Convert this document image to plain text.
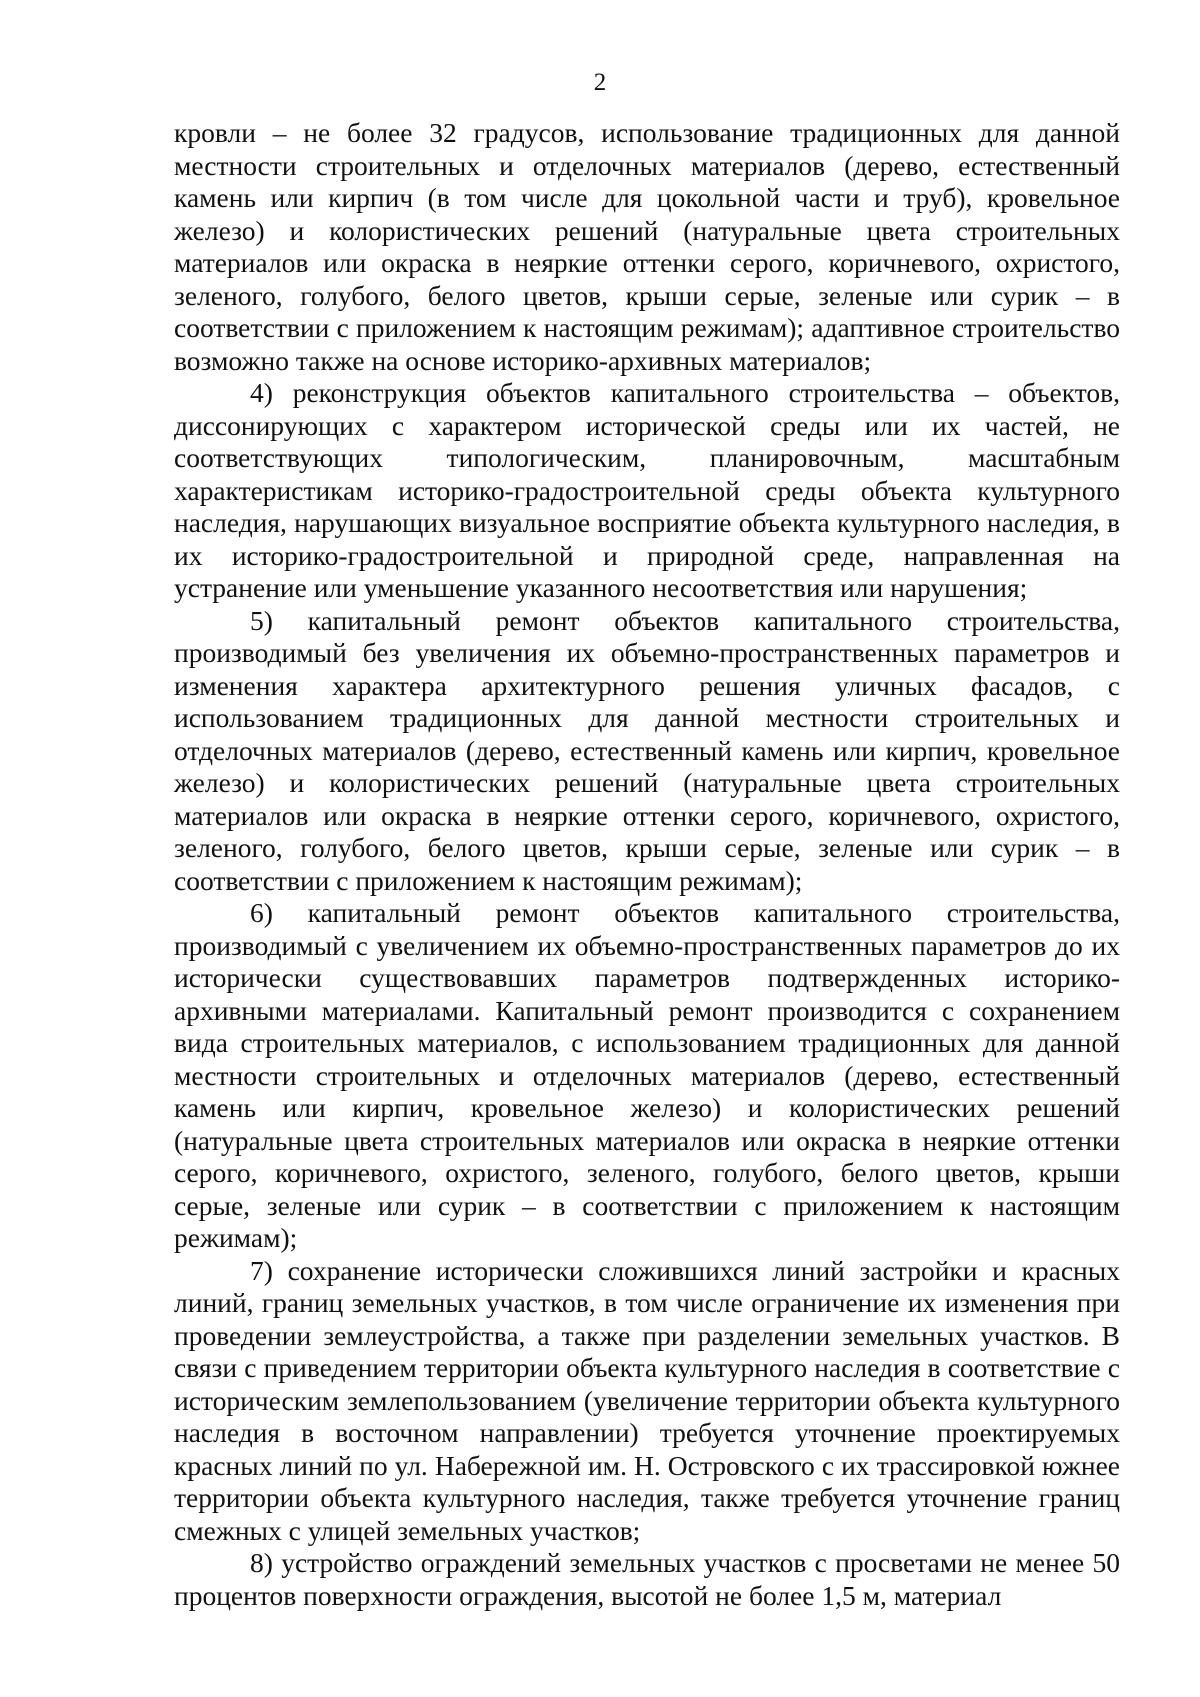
2

кровли – не более 32 градусов, использование традиционных для данной местности строительных и отделочных материалов (дерево, естественный камень или кирпич (в том числе для цокольной части и труб), кровельное железо) и колористических решений (натуральные цвета строительных материалов или окраска в неяркие оттенки серого, коричневого, охристого, зеленого, голубого, белого цветов, крыши серые, зеленые или сурик – в соответствии с приложением к настоящим режимам); адаптивное строительство возможно также на основе историко-архивных материалов;

4) реконструкция объектов капитального строительства – объектов, диссонирующих с характером исторической среды или их частей, не соответствующих типологическим, планировочным, масштабным характеристикам историко-градостроительной среды объекта культурного наследия, нарушающих визуальное восприятие объекта культурного наследия, в их историко-градостроительной и природной среде, направленная на устранение или уменьшение указанного несоответствия или нарушения;

5) капитальный ремонт объектов капитального строительства, производимый без увеличения их объемно-пространственных параметров и изменения характера архитектурного решения уличных фасадов, с использованием традиционных для данной местности строительных и отделочных материалов (дерево, естественный камень или кирпич, кровельное железо) и колористических решений (натуральные цвета строительных материалов или окраска в неяркие оттенки серого, коричневого, охристого, зеленого, голубого, белого цветов, крыши серые, зеленые или сурик – в соответствии с приложением к настоящим режимам);

6) капитальный ремонт объектов капитального строительства, производимый с увеличением их объемно-пространственных параметров до их исторически существовавших параметров подтвержденных историко-архивными материалами. Капитальный ремонт производится с сохранением вида строительных материалов, с использованием традиционных для данной местности строительных и отделочных материалов (дерево, естественный камень или кирпич, кровельное железо) и колористических решений (натуральные цвета строительных материалов или окраска в неяркие оттенки серого, коричневого, охристого, зеленого, голубого, белого цветов, крыши серые, зеленые или сурик – в соответствии с приложением к настоящим режимам);

7) сохранение исторически сложившихся линий застройки и красных линий, границ земельных участков, в том числе ограничение их изменения при проведении землеустройства, а также при разделении земельных участков. В связи с приведением территории объекта культурного наследия в соответствие с историческим землепользованием (увеличение территории объекта культурного наследия в восточном направлении) требуется уточнение проектируемых красных линий по ул. Набережной им. Н. Островского с их трассировкой южнее территории объекта культурного наследия, также требуется уточнение границ смежных с улицей земельных участков;

8) устройство ограждений земельных участков с просветами не менее 50 процентов поверхности ограждения, высотой не более 1,5 м, материал
